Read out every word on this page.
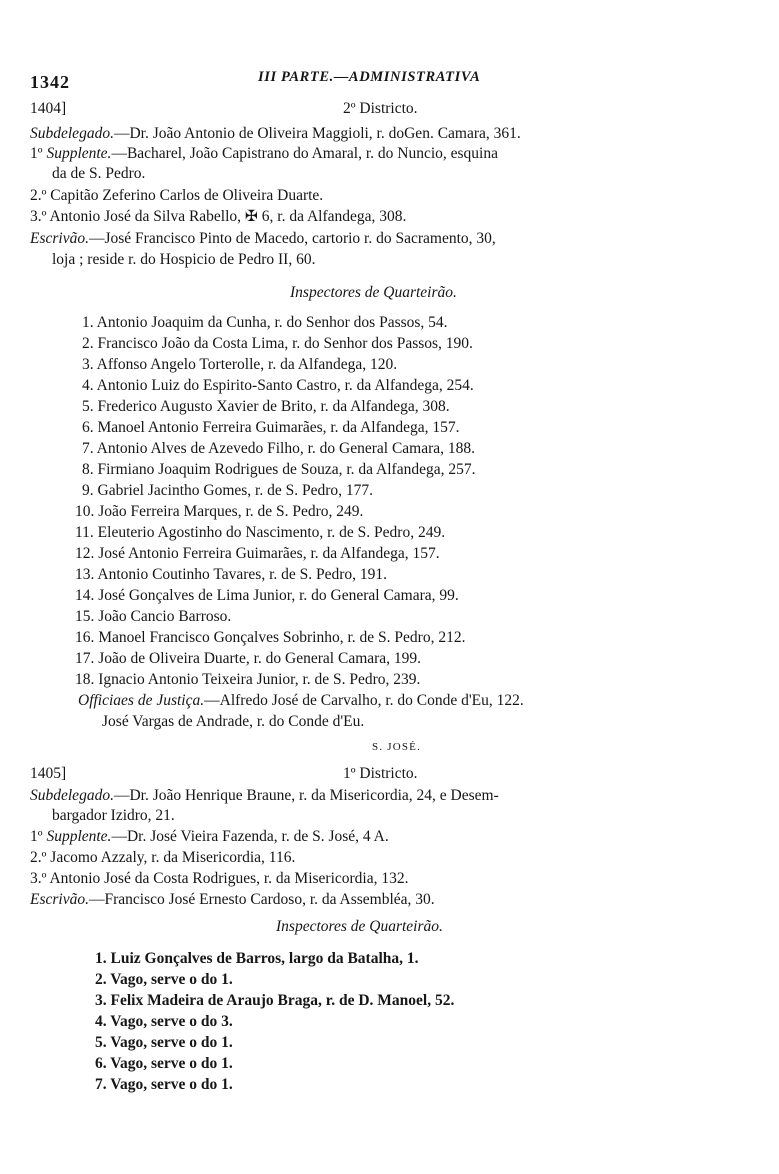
1342	III PARTE.—ADMINISTRATIVA
1404]	2º Districto.
Subdelegado.—Dr. João Antonio de Oliveira Maggioli, r. doGen. Camara, 361.
1º Supplente.—Bacharel, João Capistrano do Amaral, r. do Nuncio, esquina
da de S. Pedro.
2.º Capitão Zeferino Carlos de Oliveira Duarte.
3.º Antonio José da Silva Rabello, ✠ 6, r. da Alfandega, 308.
Escrivão.—José Francisco Pinto de Macedo, cartorio r. do Sacramento, 30,
loja ; reside r. do Hospicio de Pedro II, 60.
Inspectores de Quarteirão.
1. Antonio Joaquim da Cunha, r. do Senhor dos Passos, 54.
2. Francisco João da Costa Lima, r. do Senhor dos Passos, 190.
3. Affonso Angelo Torterolle, r. da Alfandega, 120.
4. Antonio Luiz do Espirito-Santo Castro, r. da Alfandega, 254.
5. Frederico Augusto Xavier de Brito, r. da Alfandega, 308.
6. Manoel Antonio Ferreira Guimarães, r. da Alfandega, 157.
7. Antonio Alves de Azevedo Filho, r. do General Camara, 188.
8. Firmiano Joaquim Rodrigues de Souza, r. da Alfandega, 257.
9. Gabriel Jacintho Gomes, r. de S. Pedro, 177.
10. João Ferreira Marques, r. de S. Pedro, 249.
11. Eleuterio Agostinho do Nascimento, r. de S. Pedro, 249.
12. José Antonio Ferreira Guimarães, r. da Alfandega, 157.
13. Antonio Coutinho Tavares, r. de S. Pedro, 191.
14. José Gonçalves de Lima Junior, r. do General Camara, 99.
15. João Cancio Barroso.
16. Manoel Francisco Gonçalves Sobrinho, r. de S. Pedro, 212.
17. João de Oliveira Duarte, r. do General Camara, 199.
18. Ignacio Antonio Teixeira Junior, r. de S. Pedro, 239.
Officiaes de Justiça.—Alfredo José de Carvalho, r. do Conde d'Eu, 122.
José Vargas de Andrade, r. do Conde d'Eu.
S. JOSÉ.
1405]	1º Districto.
Subdelegado.—Dr. João Henrique Braune, r. da Misericordia, 24, e Desem-
bargador Izidro, 21.
1º Supplente.—Dr. José Vieira Fazenda, r. de S. José, 4 A.
2.º Jacomo Azzaly, r. da Misericordia, 116.
3.º Antonio José da Costa Rodrigues, r. da Misericordia, 132.
Escrivão.—Francisco José Ernesto Cardoso, r. da Assembléa, 30.
Inspectores de Quarteirão.
1. Luiz Gonçalves de Barros, largo da Batalha, 1.
2. Vago, serve o do 1.
3. Felix Madeira de Araujo Braga, r. de D. Manoel, 52.
4. Vago, serve o do 3.
5. Vago, serve o do 1.
6. Vago, serve o do 1.
7. Vago, serve o do 1.
